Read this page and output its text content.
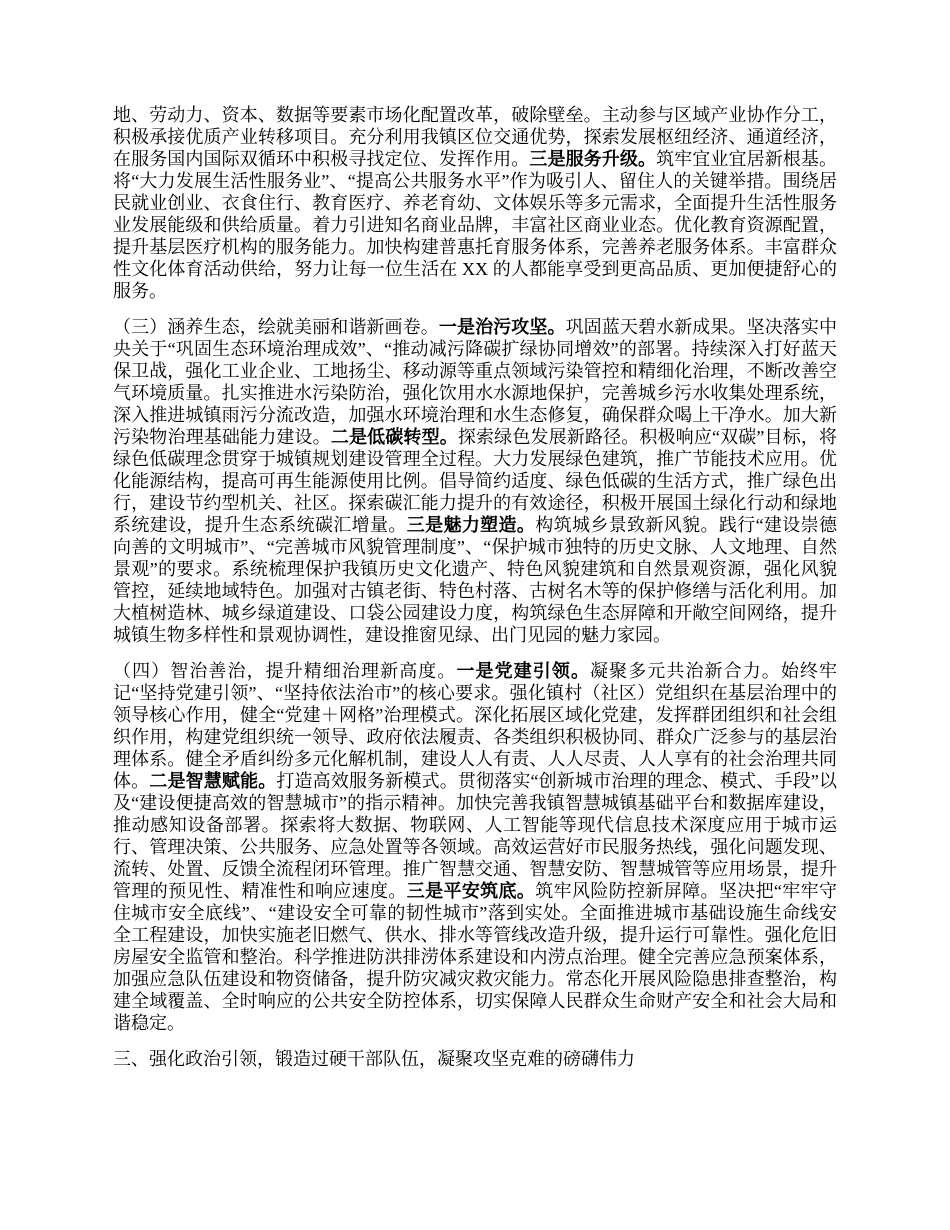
地、劳动力、资本、数据等要素市场化配置改革，破除壁垒。主动参与区域产业协作分工，积极承接优质产业转移项目。充分利用我镇区位交通优势，探索发展枢纽经济、通道经济，在服务国内国际双循环中积极寻找定位、发挥作用。三是服务升级。筑牢宜业宜居新根基。将“大力发展生活性服务业”、“提高公共服务水平”作为吸引人、留住人的关键举措。围绕居民就业创业、衣食住行、教育医疗、养老育幼、文体娱乐等多元需求，全面提升生活性服务业发展能级和供给质量。着力引进知名商业品牌，丰富社区商业业态。优化教育资源配置，提升基层医疗机构的服务能力。加快构建普惠托育服务体系，完善养老服务体系。丰富群众性文化体育活动供给，努力让每一位生活在 XX 的人都能享受到更高品质、更加便捷舒心的服务。

（三）涵养生态，绘就美丽和谐新画卷。一是治污攻坚。巩固蓝天碧水新成果。坚决落实中央关于“巩固生态环境治理成效”、“推动减污降碳扩绿协同增效”的部署。持续深入打好蓝天保卫战，强化工业企业、工地扬尘、移动源等重点领域污染管控和精细化治理，不断改善空气环境质量。扎实推进水污染防治，强化饮用水水源地保护，完善城乡污水收集处理系统，深入推进城镇雨污分流改造，加强水环境治理和水生态修复，确保群众喝上干净水。加大新污染物治理基础能力建设。二是低碳转型。探索绿色发展新路径。积极响应“双碳”目标，将绿色低碳理念贯穿于城镇规划建设管理全过程。大力发展绿色建筑，推广节能技术应用。优化能源结构，提高可再生能源使用比例。倡导简约适度、绿色低碳的生活方式，推广绿色出行，建设节约型机关、社区。探索碳汇能力提升的有效途径，积极开展国土绿化行动和绿地系统建设，提升生态系统碳汇增量。三是魅力塑造。构筑城乡景致新风貌。践行“建设崇德向善的文明城市”、“完善城市风貌管理制度”、“保护城市独特的历史文脉、人文地理、自然景观”的要求。系统梳理保护我镇历史文化遗产、特色风貌建筑和自然景观资源，强化风貌管控，延续地域特色。加强对古镇老街、特色村落、古树名木等的保护修缮与活化利用。加大植树造林、城乡绿道建设、口袋公园建设力度，构筑绿色生态屏障和开敞空间网络，提升城镇生物多样性和景观协调性，建设推窗见绿、出门见园的魅力家园。

（四）智治善治，提升精细治理新高度。一是党建引领。凝聚多元共治新合力。始终牢记“坚持党建引领”、“坚持依法治市”的核心要求。强化镇村（社区）党组织在基层治理中的领导核心作用，健全“党建＋网格”治理模式。深化拓展区域化党建，发挥群团组织和社会组织作用，构建党组织统一领导、政府依法履责、各类组织积极协同、群众广泛参与的基层治理体系。健全矛盾纠纷多元化解机制，建设人人有责、人人尽责、人人享有的社会治理共同体。二是智慧赋能。打造高效服务新模式。贯彻落实“创新城市治理的理念、模式、手段”以及“建设便捷高效的智慧城市”的指示精神。加快完善我镇智慧城镇基础平台和数据库建设，推动感知设备部署。探索将大数据、物联网、人工智能等现代信息技术深度应用于城市运行、管理决策、公共服务、应急处置等各领域。高效运营好市民服务热线，强化问题发现、流转、处置、反馈全流程闭环管理。推广智慧交通、智慧安防、智慧城管等应用场景，提升管理的预见性、精准性和响应速度。三是平安筑底。筑牢风险防控新屏障。坚决把“牢牢守住城市安全底线”、“建设安全可靠的韧性城市”落到实处。全面推进城市基础设施生命线安全工程建设，加快实施老旧燃气、供水、排水等管线改造升级，提升运行可靠性。强化危旧房屋安全监管和整治。科学推进防洪排涝体系建设和内涝点治理。健全完善应急预案体系，加强应急队伍建设和物资储备，提升防灾减灾救灾能力。常态化开展风险隐患排查整治，构建全域覆盖、全时响应的公共安全防控体系，切实保障人民群众生命财产安全和社会大局和谐稳定。

三、强化政治引领，锻造过硬干部队伍，凝聚攻坚克难的磅礴伟力
